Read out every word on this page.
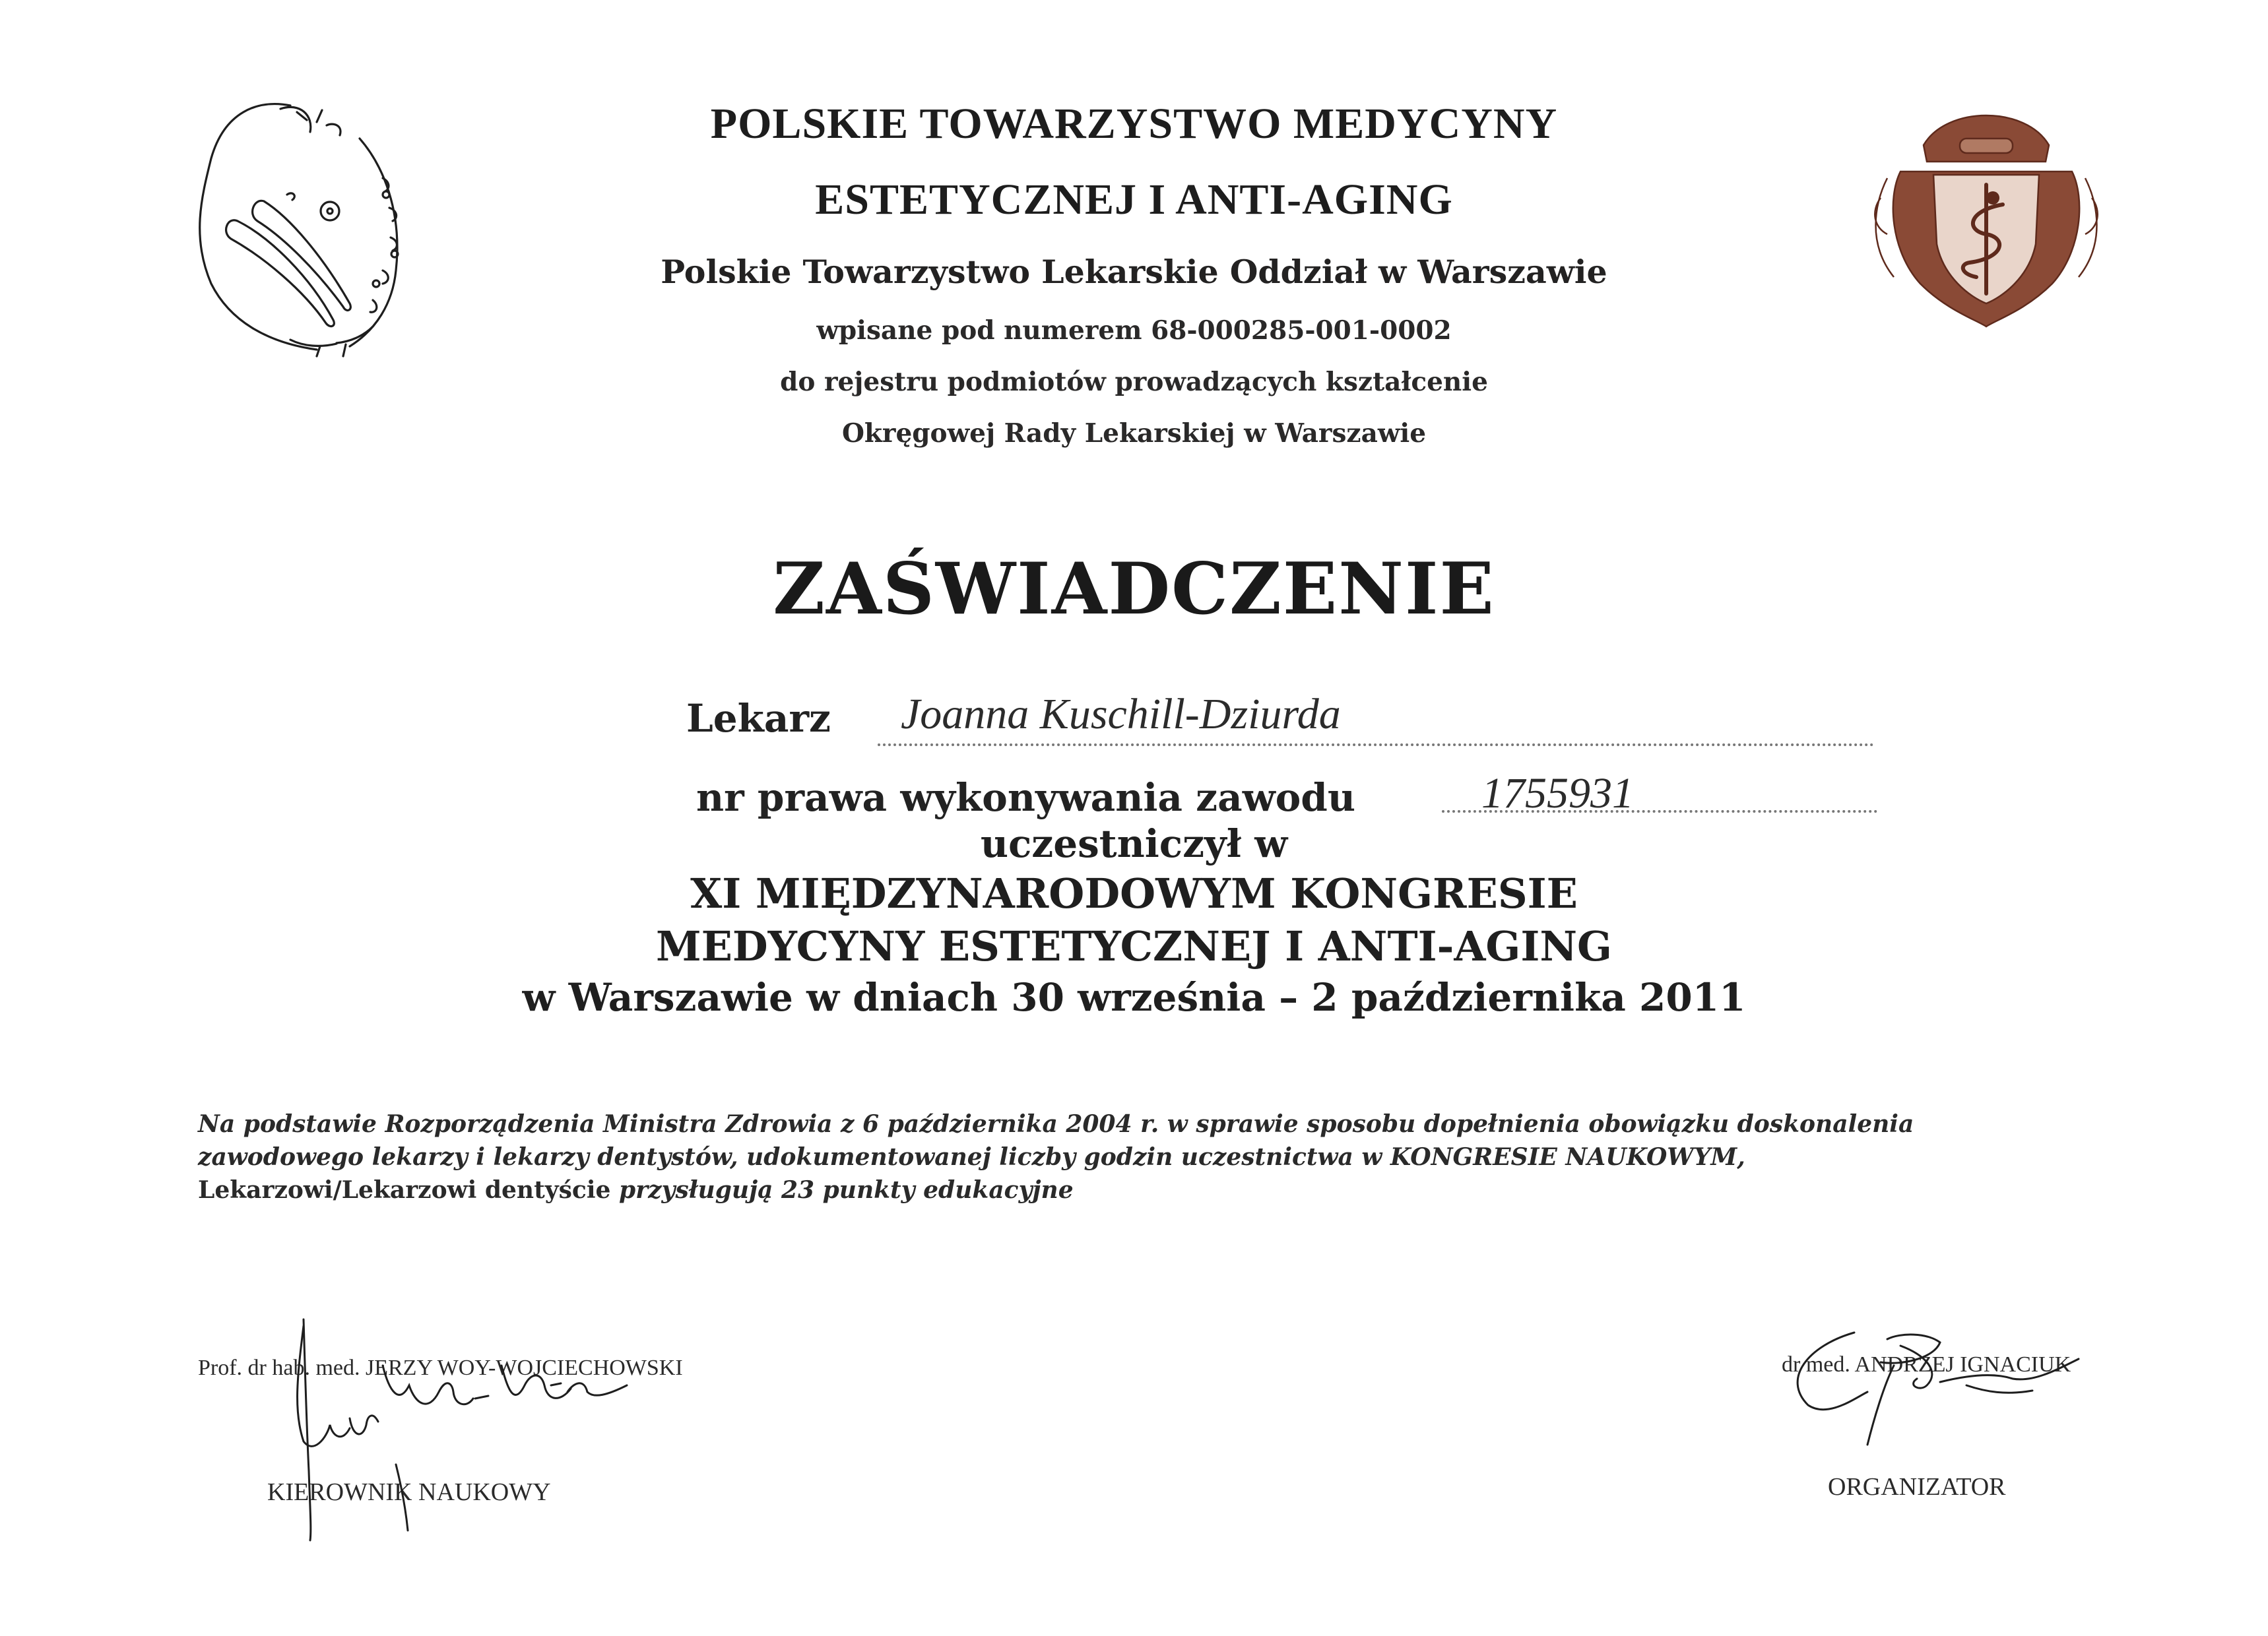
POLSKIE TOWARZYSTWO MEDYCYNY
ESTETYCZNEJ I ANTI-AGING
Polskie Towarzystwo Lekarskie Oddział w Warszawie
wpisane pod numerem 68-000285-001-0002
do rejestru podmiotów prowadzących kształcenie
Okręgowej Rady Lekarskiej w Warszawie
ZAŚWIADCZENIE
Lekarz Joanna Kuschill-Dziurda
nr prawa wykonywania zawodu	1755931
uczestniczył w
XI MIĘDZYNARODOWYM KONGRESIE
MEDYCYNY ESTETYCZNEJ I ANTI-AGING
w Warszawie w dniach 30 września – 2 października 2011
Na podstawie Rozporządzenia Ministra Zdrowia z 6 października 2004 r. w sprawie sposobu dopełnienia obowiązku doskonalenia
zawodowego lekarzy i lekarzy dentystów, udokumentowanej liczby godzin uczestnictwa w KONGRESIE NAUKOWYM,
Lekarzowi/Lekarzowi dentyście przysługują 23 punkty edukacyjne
Prof. dr hab. med. JERZY WOY-WOJCIECHOWSKI
KIEROWNIK NAUKOWY
dr med. ANDRZEJ IGNACIUK
ORGANIZATOR
